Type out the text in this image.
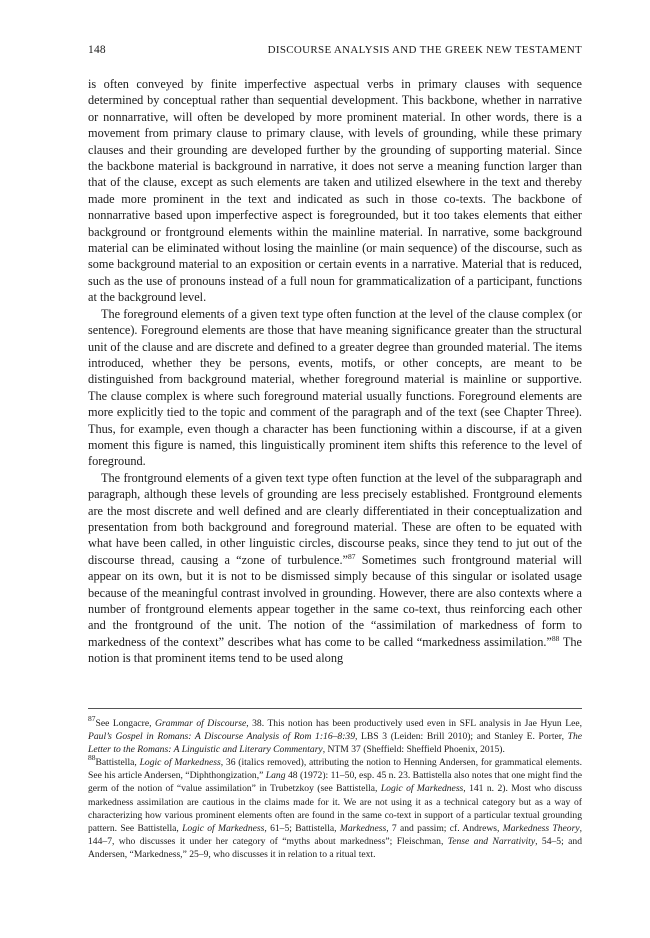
148	DISCOURSE ANALYSIS AND THE GREEK NEW TESTAMENT

is often conveyed by finite imperfective aspectual verbs in primary clauses with sequence determined by conceptual rather than sequential development. This backbone, whether in narrative or nonnarrative, will often be developed by more prominent material. In other words, there is a movement from primary clause to primary clause, with levels of grounding, while these primary clauses and their grounding are developed further by the grounding of supporting material. Since the backbone material is background in narrative, it does not serve a meaning function larger than that of the clause, except as such elements are taken and utilized elsewhere in the text and thereby made more prominent in the text and indicated as such in those co-texts. The backbone of nonnarrative based upon imperfective aspect is foregrounded, but it too takes elements that either background or frontground elements within the mainline material. In narrative, some background material can be eliminated without losing the mainline (or main sequence) of the discourse, such as some background material to an exposition or certain events in a narrative. Material that is reduced, such as the use of pronouns instead of a full noun for grammaticalization of a participant, functions at the background level.

The foreground elements of a given text type often function at the level of the clause complex (or sentence). Foreground elements are those that have meaning significance greater than the structural unit of the clause and are discrete and defined to a greater degree than grounded material. The items introduced, whether they be persons, events, motifs, or other concepts, are meant to be distinguished from background material, whether foreground material is mainline or supportive. The clause complex is where such foreground material usually functions. Foreground elements are more explicitly tied to the topic and comment of the paragraph and of the text (see Chapter Three). Thus, for example, even though a character has been functioning within a discourse, if at a given moment this figure is named, this linguistically prominent item shifts this reference to the level of foreground.

The frontground elements of a given text type often function at the level of the subparagraph and paragraph, although these levels of grounding are less precisely established. Frontground elements are the most discrete and well defined and are clearly differentiated in their conceptualization and presentation from both background and foreground material. These are often to be equated with what have been called, in other linguistic circles, discourse peaks, since they tend to jut out of the discourse thread, causing a “zone of turbulence.”$^{87}$ Sometimes such frontground material will appear on its own, but it is not to be dismissed simply because of this singular or isolated usage because of the meaningful contrast involved in grounding. However, there are also contexts where a number of frontground elements appear together in the same co-text, thus reinforcing each other and the frontground of the unit. The notion of the “assimilation of markedness of form to markedness of the context” describes what has come to be called “markedness assimilation.”$^{88}$ The notion is that prominent items tend to be used along

$^{87}$See Longacre, Grammar of Discourse, 38. This notion has been productively used even in SFL analysis in Jae Hyun Lee, Paul’s Gospel in Romans: A Discourse Analysis of Rom 1:16–8:39, LBS 3 (Leiden: Brill 2010); and Stanley E. Porter, The Letter to the Romans: A Linguistic and Literary Commentary, NTM 37 (Sheffield: Sheffield Phoenix, 2015).

$^{88}$Battistella, Logic of Markedness, 36 (italics removed), attributing the notion to Henning Andersen, for grammatical elements. See his article Andersen, “Diphthongization,” Lang 48 (1972): 11–50, esp. 45 n. 23. Battistella also notes that one might find the germ of the notion of “value assimilation” in Trubetzkoy (see Battistella, Logic of Markedness, 141 n. 2). Most who discuss markedness assimilation are cautious in the claims made for it. We are not using it as a technical category but as a way of characterizing how various prominent elements often are found in the same co-text in support of a particular textual grounding pattern. See Battistella, Logic of Markedness, 61–5; Battistella, Markedness, 7 and passim; cf. Andrews, Markedness Theory, 144–7, who discusses it under her category of “myths about markedness”; Fleischman, Tense and Narrativity, 54–5; and Andersen, “Markedness,” 25–9, who discusses it in relation to a ritual text.
